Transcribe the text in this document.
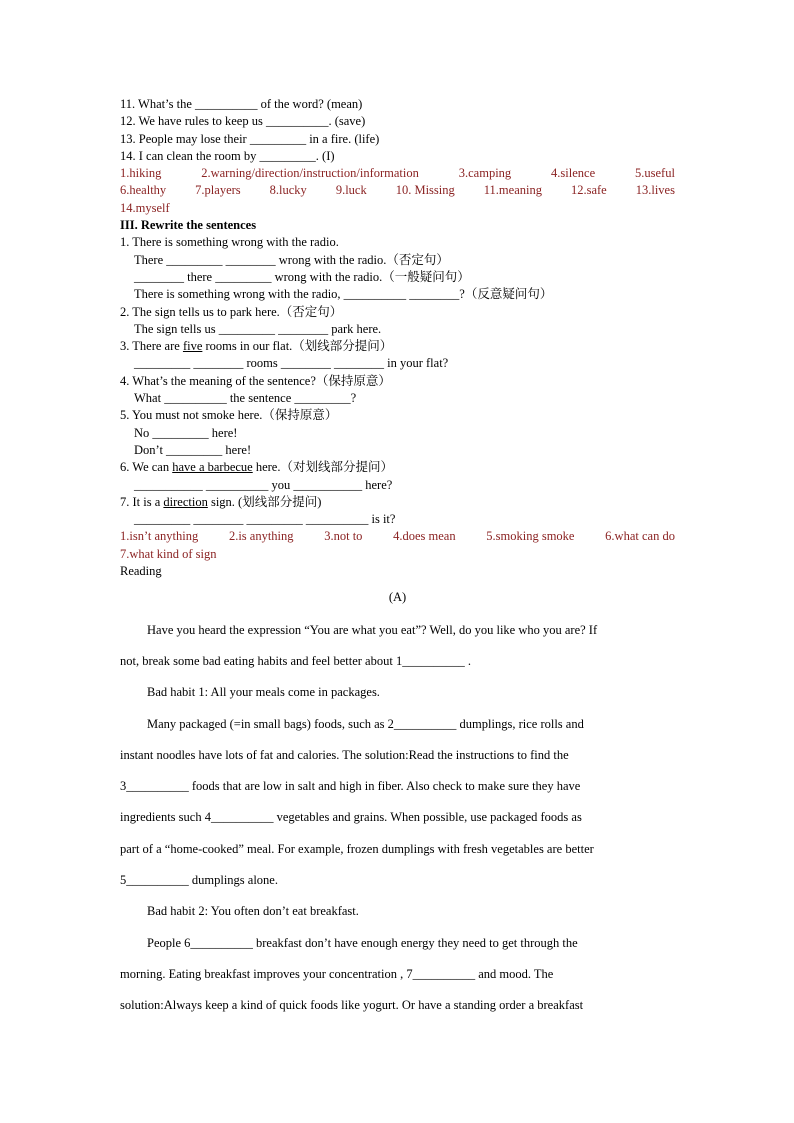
11. What’s the __________ of the word? (mean)
12. We have rules to keep us __________. (save)
13. People may lose their _________ in a fire. (life)
14. I can clean the room by _________. (I)
1.hiking	2.warning/direction/instruction/information	3.camping	4.silence	5.useful
6.healthy 7.players 8.lucky 9.luck 10. Missing 11.meaning 12.safe 13.lives
14.myself
III. Rewrite the sentences
1. There is something wrong with the radio.
There _________ ________ wrong with the radio.（否定句）
________ there _________ wrong with the radio.（一般疑问句）
There is something wrong with the radio, __________ ________?（反意疑问句）
2. The sign tells us to park here.（否定句）
The sign tells us _________ ________ park here.
3. There are five rooms in our flat.（划线部分提问）
_________ ________ rooms ________ ________ in your flat?
4. What’s the meaning of the sentence?（保持原意）
What __________ the sentence _________?
5. You must not smoke here.（保持原意）
No _________ here!
Don’t _________ here!
6. We can have a barbecue here.（对划线部分提问）
___________ __________ you ___________ here?
7. It is a direction sign. (划线部分提问)
_________ ________ _________ __________ is it?
1.isn’t anything 2.is anything 3.not to 4.does mean 5.smoking smoke 6.what can do
7.what kind of sign
Reading
(A)
Have you heard the expression “You are what you eat”? Well, do you like who you are? If
not, break some bad eating habits and feel better about 1__________ .
Bad habit 1: All your meals come in packages.
Many packaged (=in small bags) foods, such as 2__________ dumplings, rice rolls and
instant noodles have lots of fat and calories. The solution:Read the instructions to find the
3__________ foods that are low in salt and high in fiber. Also check to make sure they have
ingredients such 4__________ vegetables and grains. When possible, use packaged foods as
part of a “home-cooked” meal. For example, frozen dumplings with fresh vegetables are better
5__________ dumplings alone.
Bad habit 2: You often don’t eat breakfast.
People 6__________ breakfast don’t have enough energy they need to get through the
morning. Eating breakfast improves your concentration , 7__________ and mood. The
solution:Always keep a kind of quick foods like yogurt. Or have a standing order a breakfast
